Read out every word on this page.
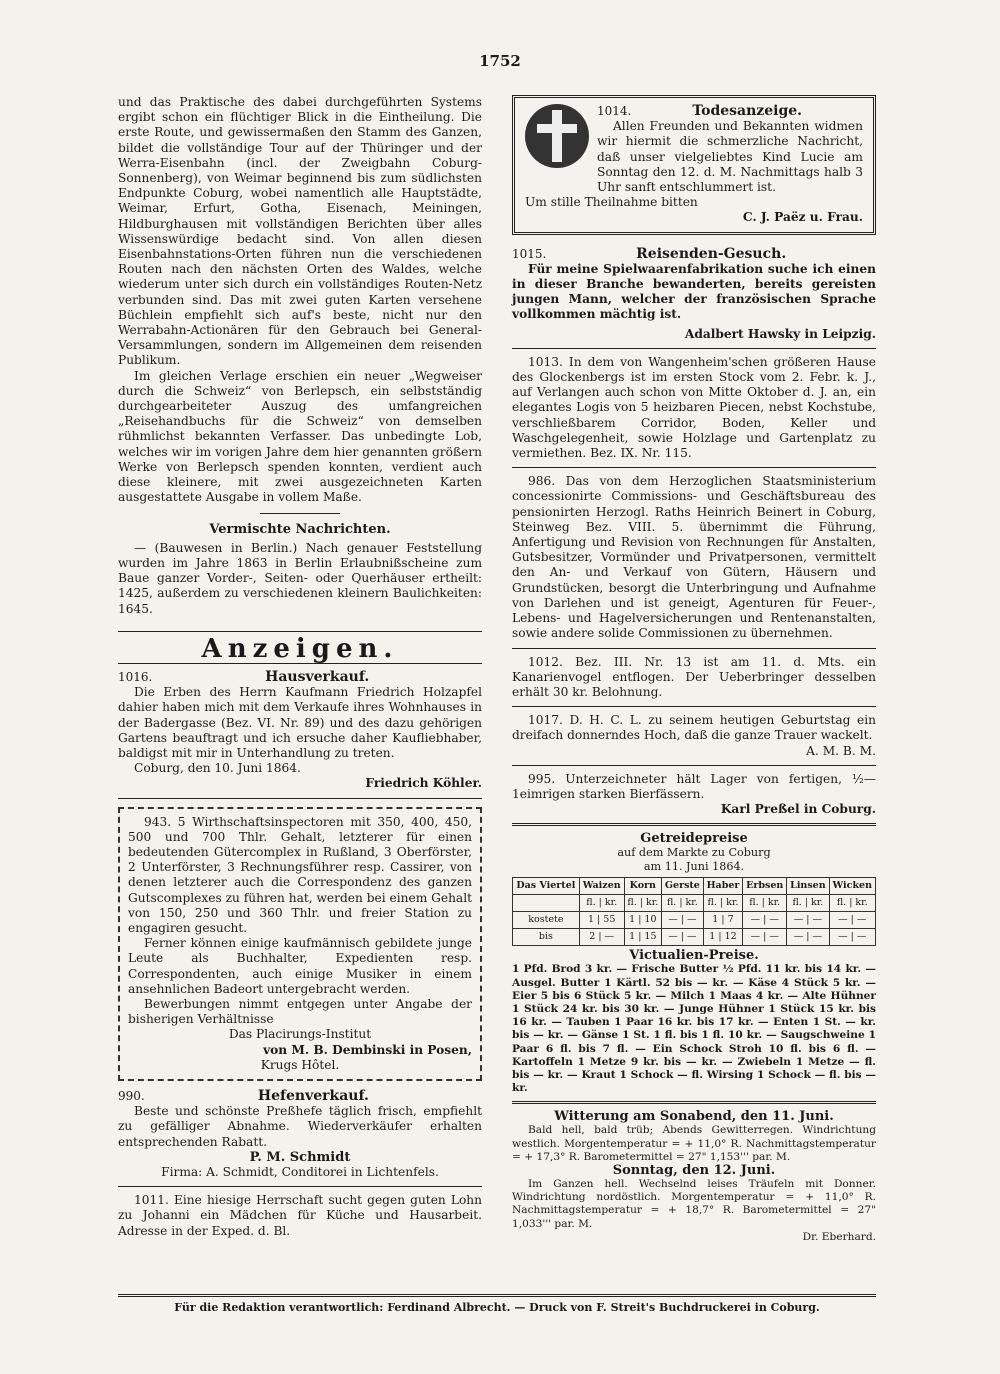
1752

und das Praktische des dabei durchgeführten Systems ergibt schon ein flüchtiger Blick in die Eintheilung. Die erste Route, und gewissermaßen den Stamm des Ganzen, bildet die vollständige Tour auf der Thüringer und der Werra-Eisenbahn (incl. der Zweigbahn Coburg-Sonnenberg), von Weimar beginnend bis zum südlichsten Endpunkte Coburg, wobei namentlich alle Hauptstädte, Weimar, Erfurt, Gotha, Eisenach, Meiningen, Hildburghausen mit vollständigen Berichten über alles Wissenswürdige bedacht sind. Von allen diesen Eisenbahnstations-Orten führen nun die verschiedenen Routen nach den nächsten Orten des Waldes, welche wiederum unter sich durch ein vollständiges Routen-Netz verbunden sind. Das mit zwei guten Karten versehene Büchlein empfiehlt sich auf's beste, nicht nur den Werrabahn-Actionären für den Gebrauch bei General-Versammlungen, sondern im Allgemeinen dem reisenden Publikum.

Im gleichen Verlage erschien ein neuer „Wegweiser durch die Schweiz“ von Berlepsch, ein selbstständig durchgearbeiteter Auszug des umfangreichen „Reisehandbuchs für die Schweiz“ von demselben rühmlichst bekannten Verfasser. Das unbedingte Lob, welches wir im vorigen Jahre dem hier genannten größern Werke von Berlepsch spenden konnten, verdient auch diese kleinere, mit zwei ausgezeichneten Karten ausgestattete Ausgabe in vollem Maße.

Vermischte Nachrichten.

— (Bauwesen in Berlin.) Nach genauer Feststellung wurden im Jahre 1863 in Berlin Erlaubnißscheine zum Baue ganzer Vorder-, Seiten- oder Querhäuser ertheilt: 1425, außerdem zu verschiedenen kleinern Baulichkeiten: 1645.

Anzeigen.

1016.	Hausverkauf.

Die Erben des Herrn Kaufmann Friedrich Holzapfel dahier haben mich mit dem Verkaufe ihres Wohnhauses in der Badergasse (Bez. VI. Nr. 89) und des dazu gehörigen Gartens beauftragt und ich ersuche daher Kaufliebhaber, baldigst mit mir in Unterhandlung zu treten.

Coburg, den 10. Juni 1864.

Friedrich Köhler.

943. 5 Wirthschaftsinspectoren mit 350, 400, 450, 500 und 700 Thlr. Gehalt, letzterer für einen bedeutenden Gütercomplex in Rußland, 3 Oberförster, 2 Unterförster, 3 Rechnungsführer resp. Cassirer, von denen letzterer auch die Correspondenz des ganzen Gutscomplexes zu führen hat, werden bei einem Gehalt von 150, 250 und 360 Thlr. und freier Station zu engagiren gesucht.

Ferner können einige kaufmännisch gebildete junge Leute als Buchhalter, Expedienten resp. Correspondenten, auch einige Musiker in einem ansehnlichen Badeort untergebracht werden.

Bewerbungen nimmt entgegen unter Angabe der bisherigen Verhältnisse

Das Placirungs-Institut

von M. B. Dembinski in Posen,

Krugs Hôtel.

990.	Hefenverkauf.

Beste und schönste Preßhefe täglich frisch, empfiehlt zu gefälliger Abnahme. Wiederverkäufer erhalten entsprechenden Rabatt.

P. M. Schmidt

Firma: A. Schmidt, Conditorei in Lichtenfels.

1011. Eine hiesige Herrschaft sucht gegen guten Lohn zu Johanni ein Mädchen für Küche und Hausarbeit. Adresse in der Exped. d. Bl.

1014.	Todesanzeige.

Allen Freunden und Bekannten widmen wir hiermit die schmerzliche Nachricht, daß unser vielgeliebtes Kind Lucie am Sonntag den 12. d. M. Nachmittags halb 3 Uhr sanft entschlummert ist.

Um stille Theilnahme bitten

C. J. Paëz u. Frau.

1015.	Reisenden-Gesuch.

Für meine Spielwaarenfabrikation suche ich einen in dieser Branche bewanderten, bereits gereisten jungen Mann, welcher der französischen Sprache vollkommen mächtig ist.

Adalbert Hawsky in Leipzig.

1013. In dem von Wangenheim'schen größeren Hause des Glockenbergs ist im ersten Stock vom 2. Febr. k. J., auf Verlangen auch schon von Mitte Oktober d. J. an, ein elegantes Logis von 5 heizbaren Piecen, nebst Kochstube, verschließbarem Corridor, Boden, Keller und Waschgelegenheit, sowie Holzlage und Gartenplatz zu vermiethen. Bez. IX. Nr. 115.

986. Das von dem Herzoglichen Staatsministerium concessionirte Commissions- und Geschäftsbureau des pensionirten Herzogl. Raths Heinrich Beinert in Coburg, Steinweg Bez. VIII. 5. übernimmt die Führung, Anfertigung und Revision von Rechnungen für Anstalten, Gutsbesitzer, Vormünder und Privatpersonen, vermittelt den An- und Verkauf von Gütern, Häusern und Grundstücken, besorgt die Unterbringung und Aufnahme von Darlehen und ist geneigt, Agenturen für Feuer-, Lebens- und Hagelversicherungen und Rentenanstalten, sowie andere solide Commissionen zu übernehmen.

1012. Bez. III. Nr. 13 ist am 11. d. Mts. ein Kanarienvogel entflogen. Der Ueberbringer desselben erhält 30 kr. Belohnung.

1017. D. H. C. L. zu seinem heutigen Geburtstag ein dreifach donnerndes Hoch, daß die ganze Trauer wackelt.

A. M. B. M.

995. Unterzeichneter hält Lager von fertigen, ½—1eimrigen starken Bierfässern.

Karl Preßel in Coburg.

Getreidepreise

auf dem Markte zu Coburg

am 11. Juni 1864.

Das Viertel	Waizen	Korn	Gerste	Haber	Erbsen	Linsen	Wicken
	fl. | kr.	fl. | kr.	fl. | kr.	fl. | kr.	fl. | kr.	fl. | kr.	fl. | kr.
kostete	1 | 55	1 | 10	— | —	1 | 7	— | —	— | —	— | —
bis	2 | —	1 | 15	— | —	1 | 12	— | —	— | —	— | —

Victualien-Preise.

1 Pfd. Brod 3 kr. — Frische Butter ½ Pfd. 11 kr. bis 14 kr. — Ausgel. Butter 1 Kärtl. 52 bis — kr. — Käse 4 Stück 5 kr. — Eier 5 bis 6 Stück 5 kr. — Milch 1 Maas 4 kr. — Alte Hühner 1 Stück 24 kr. bis 30 kr. — Junge Hühner 1 Stück 15 kr. bis 16 kr. — Tauben 1 Paar 16 kr. bis 17 kr. — Enten 1 St. — kr. bis — kr. — Gänse 1 St. 1 fl. bis 1 fl. 10 kr. — Saugschweine 1 Paar 6 fl. bis 7 fl. — Ein Schock Stroh 10 fl. bis 6 fl. — Kartoffeln 1 Metze 9 kr. bis — kr. — Zwiebeln 1 Metze — fl. bis — kr. — Kraut 1 Schock — fl. Wirsing 1 Schock — fl. bis — kr.

Witterung am Sonabend, den 11. Juni.

Bald hell, bald trüb; Abends Gewitterregen. Windrichtung westlich. Morgentemperatur = + 11,0° R. Nachmittagstemperatur = + 17,3° R. Barometermittel = 27" 1,153''' par. M.

Sonntag, den 12. Juni.

Im Ganzen hell. Wechselnd leises Träufeln mit Donner. Windrichtung nordöstlich. Morgentemperatur = + 11,0° R. Nachmittagstemperatur = + 18,7° R. Barometermittel = 27" 1,033''' par. M.

Dr. Eberhard.

Für die Redaktion verantwortlich: Ferdinand Albrecht. — Druck von F. Streit's Buchdruckerei in Coburg.
